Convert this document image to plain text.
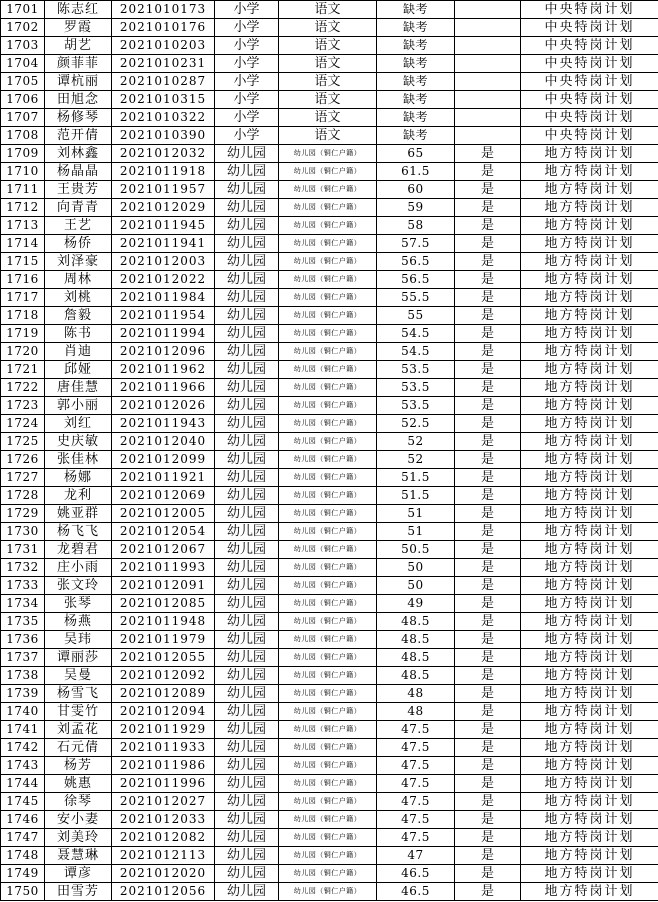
1701	陈志红	2021010173	小学	语文	缺考		中央特岗计划
1702	罗霞	2021010176	小学	语文	缺考		中央特岗计划
1703	胡艺	2021010203	小学	语文	缺考		中央特岗计划
1704	颜菲菲	2021010231	小学	语文	缺考		中央特岗计划
1705	谭杭丽	2021010287	小学	语文	缺考		中央特岗计划
1706	田旭念	2021010315	小学	语文	缺考		中央特岗计划
1707	杨修琴	2021010322	小学	语文	缺考		中央特岗计划
1708	范开倩	2021010390	小学	语文	缺考		中央特岗计划
1709	刘林鑫	2021012032	幼儿园	幼儿园（铜仁户籍）	65	是	地方特岗计划
1710	杨晶晶	2021011918	幼儿园	幼儿园（铜仁户籍）	61.5	是	地方特岗计划
1711	王贵芳	2021011957	幼儿园	幼儿园（铜仁户籍）	60	是	地方特岗计划
1712	向青青	2021012029	幼儿园	幼儿园（铜仁户籍）	59	是	地方特岗计划
1713	王艺	2021011945	幼儿园	幼儿园（铜仁户籍）	58	是	地方特岗计划
1714	杨侨	2021011941	幼儿园	幼儿园（铜仁户籍）	57.5	是	地方特岗计划
1715	刘泽豪	2021012003	幼儿园	幼儿园（铜仁户籍）	56.5	是	地方特岗计划
1716	周林	2021012022	幼儿园	幼儿园（铜仁户籍）	56.5	是	地方特岗计划
1717	刘桃	2021011984	幼儿园	幼儿园（铜仁户籍）	55.5	是	地方特岗计划
1718	詹毅	2021011954	幼儿园	幼儿园（铜仁户籍）	55	是	地方特岗计划
1719	陈书	2021011994	幼儿园	幼儿园（铜仁户籍）	54.5	是	地方特岗计划
1720	肖迪	2021012096	幼儿园	幼儿园（铜仁户籍）	54.5	是	地方特岗计划
1721	邱娅	2021011962	幼儿园	幼儿园（铜仁户籍）	53.5	是	地方特岗计划
1722	唐佳慧	2021011966	幼儿园	幼儿园（铜仁户籍）	53.5	是	地方特岗计划
1723	郭小丽	2021012026	幼儿园	幼儿园（铜仁户籍）	53.5	是	地方特岗计划
1724	刘红	2021011943	幼儿园	幼儿园（铜仁户籍）	52.5	是	地方特岗计划
1725	史庆敏	2021012040	幼儿园	幼儿园（铜仁户籍）	52	是	地方特岗计划
1726	张佳林	2021012099	幼儿园	幼儿园（铜仁户籍）	52	是	地方特岗计划
1727	杨娜	2021011921	幼儿园	幼儿园（铜仁户籍）	51.5	是	地方特岗计划
1728	龙利	2021012069	幼儿园	幼儿园（铜仁户籍）	51.5	是	地方特岗计划
1729	姚亚群	2021012005	幼儿园	幼儿园（铜仁户籍）	51	是	地方特岗计划
1730	杨飞飞	2021012054	幼儿园	幼儿园（铜仁户籍）	51	是	地方特岗计划
1731	龙碧君	2021012067	幼儿园	幼儿园（铜仁户籍）	50.5	是	地方特岗计划
1732	庄小雨	2021011993	幼儿园	幼儿园（铜仁户籍）	50	是	地方特岗计划
1733	张文玲	2021012091	幼儿园	幼儿园（铜仁户籍）	50	是	地方特岗计划
1734	张琴	2021012085	幼儿园	幼儿园（铜仁户籍）	49	是	地方特岗计划
1735	杨燕	2021011948	幼儿园	幼儿园（铜仁户籍）	48.5	是	地方特岗计划
1736	吴玮	2021011979	幼儿园	幼儿园（铜仁户籍）	48.5	是	地方特岗计划
1737	谭丽莎	2021012055	幼儿园	幼儿园（铜仁户籍）	48.5	是	地方特岗计划
1738	吴曼	2021012092	幼儿园	幼儿园（铜仁户籍）	48.5	是	地方特岗计划
1739	杨雪飞	2021012089	幼儿园	幼儿园（铜仁户籍）	48	是	地方特岗计划
1740	甘雯竹	2021012094	幼儿园	幼儿园（铜仁户籍）	48	是	地方特岗计划
1741	刘孟花	2021011929	幼儿园	幼儿园（铜仁户籍）	47.5	是	地方特岗计划
1742	石元倩	2021011933	幼儿园	幼儿园（铜仁户籍）	47.5	是	地方特岗计划
1743	杨芳	2021011986	幼儿园	幼儿园（铜仁户籍）	47.5	是	地方特岗计划
1744	姚惠	2021011996	幼儿园	幼儿园（铜仁户籍）	47.5	是	地方特岗计划
1745	徐琴	2021012027	幼儿园	幼儿园（铜仁户籍）	47.5	是	地方特岗计划
1746	安小妻	2021012033	幼儿园	幼儿园（铜仁户籍）	47.5	是	地方特岗计划
1747	刘美玲	2021012082	幼儿园	幼儿园（铜仁户籍）	47.5	是	地方特岗计划
1748	聂慧琳	2021012113	幼儿园	幼儿园（铜仁户籍）	47	是	地方特岗计划
1749	谭彦	2021012020	幼儿园	幼儿园（铜仁户籍）	46.5	是	地方特岗计划
1750	田雪芳	2021012056	幼儿园	幼儿园（铜仁户籍）	46.5	是	地方特岗计划
